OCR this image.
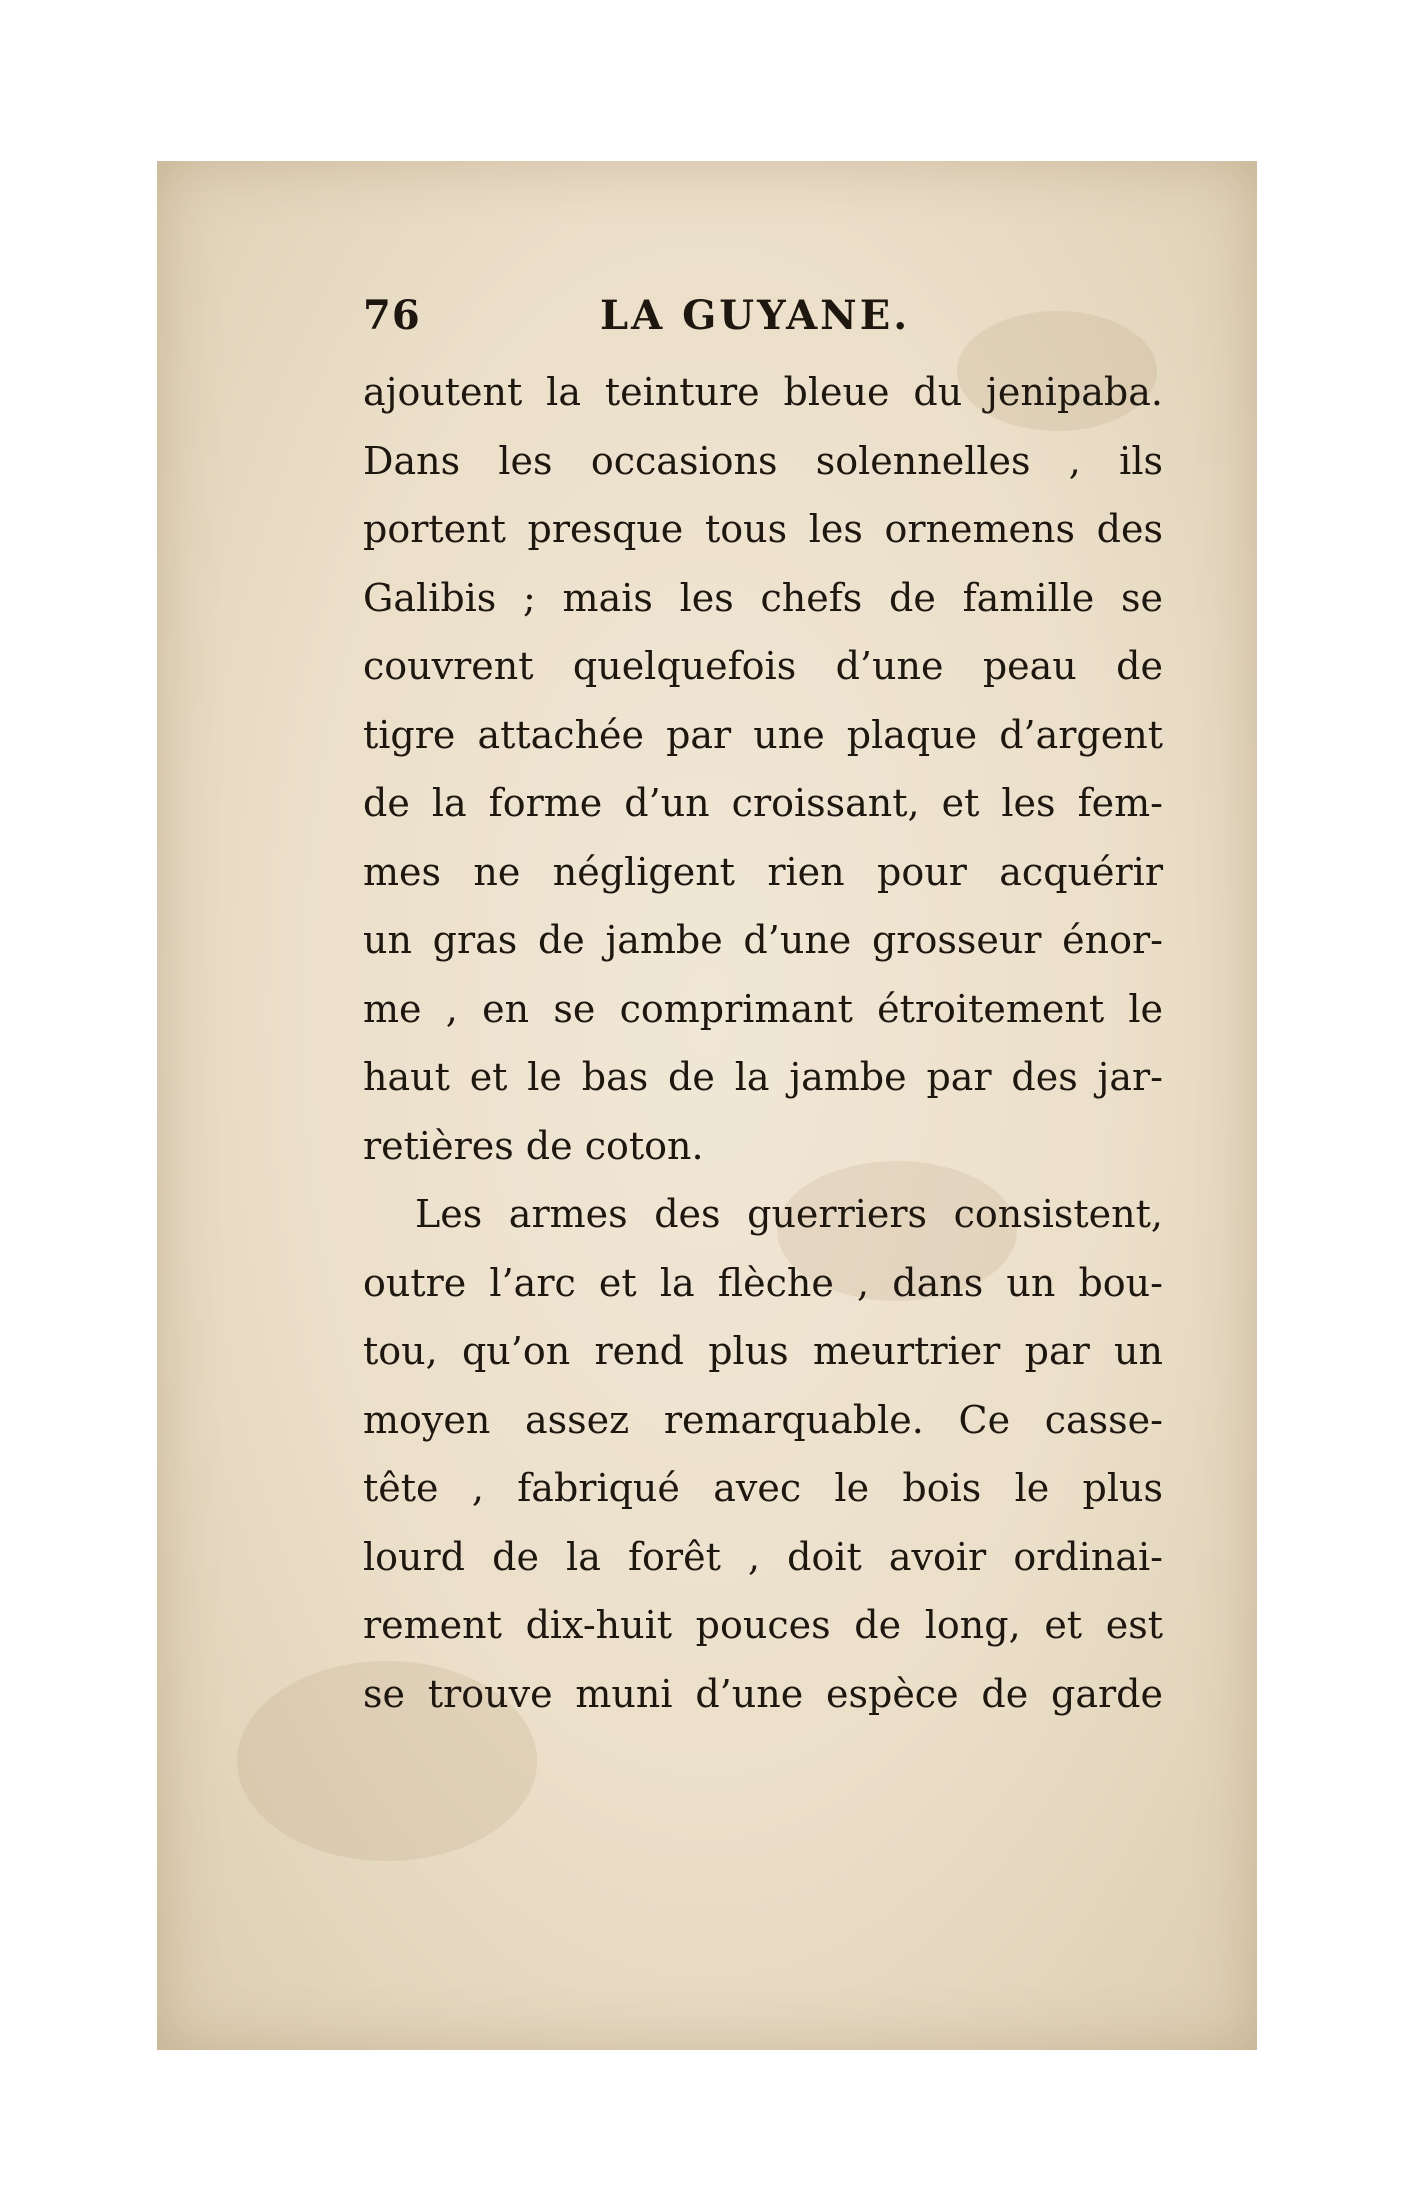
76	LA GUYANE.
ajoutent la teinture bleue du jenipaba.
Dans les occasions solennelles , ils
portent presque tous les ornemens des
Galibis ; mais les chefs de famille se
couvrent quelquefois d’une peau de
tigre attachée par une plaque d’argent
de la forme d’un croissant, et les fem-
mes ne négligent rien pour acquérir
un gras de jambe d’une grosseur énor-
me , en se comprimant étroitement le
haut et le bas de la jambe par des jar-
retières de coton.
Les armes des guerriers consistent,
outre l’arc et la flèche , dans un bou-
tou, qu’on rend plus meurtrier par un
moyen assez remarquable. Ce casse-
tête , fabriqué avec le bois le plus
lourd de la forêt , doit avoir ordinai-
rement dix-huit pouces de long, et est
se trouve muni d’une espèce de garde
